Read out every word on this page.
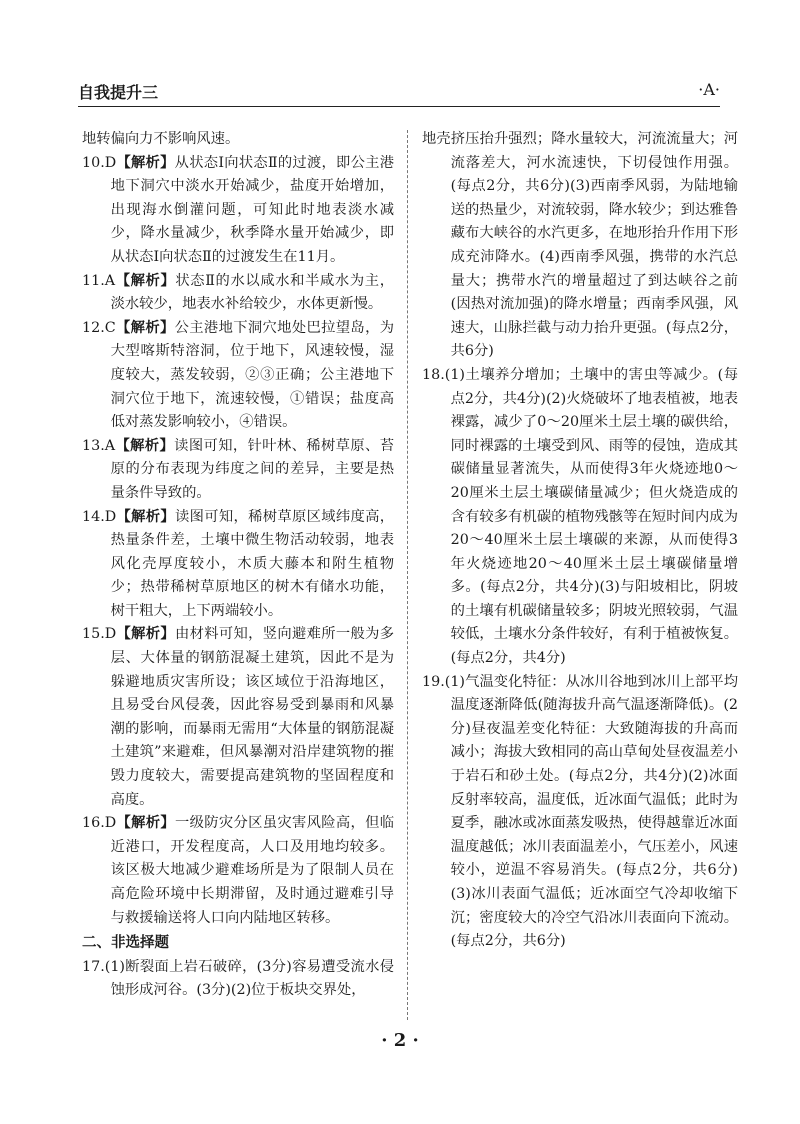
自我提升三	·A·

地转偏向力不影响风速。

10.D【解析】从状态Ⅰ向状态Ⅱ的过渡，即公主港地下洞穴中淡水开始减少，盐度开始增加，出现海水倒灌问题，可知此时地表淡水减少，降水量减少，秋季降水量开始减少，即从状态Ⅰ向状态Ⅱ的过渡发生在11月。

11.A【解析】状态Ⅱ的水以咸水和半咸水为主，淡水较少，地表水补给较少，水体更新慢。

12.C【解析】公主港地下洞穴地处巴拉望岛，为大型喀斯特溶洞，位于地下，风速较慢，湿度较大，蒸发较弱，②③正确；公主港地下洞穴位于地下，流速较慢，①错误；盐度高低对蒸发影响较小，④错误。

13.A【解析】读图可知，针叶林、稀树草原、苔原的分布表现为纬度之间的差异，主要是热量条件导致的。

14.D【解析】读图可知，稀树草原区域纬度高，热量条件差，土壤中微生物活动较弱，地表风化壳厚度较小，木质大藤本和附生植物少；热带稀树草原地区的树木有储水功能，树干粗大，上下两端较小。

15.D【解析】由材料可知，竖向避难所一般为多层、大体量的钢筋混凝土建筑，因此不是为躲避地质灾害所设；该区域位于沿海地区，且易受台风侵袭，因此容易受到暴雨和风暴潮的影响，而暴雨无需用“大体量的钢筋混凝土建筑”来避难，但风暴潮对沿岸建筑物的摧毁力度较大，需要提高建筑物的坚固程度和高度。

16.D【解析】一级防灾分区虽灾害风险高，但临近港口，开发程度高，人口及用地均较多。该区极大地减少避难场所是为了限制人员在高危险环境中长期滞留，及时通过避难引导与救援输送将人口向内陆地区转移。

二、非选择题

17.(1)断裂面上岩石破碎，(3分)容易遭受流水侵蚀形成河谷。(3分)(2)位于板块交界处，

地壳挤压抬升强烈；降水量较大，河流流量大；河流落差大，河水流速快，下切侵蚀作用强。(每点2分，共6分)(3)西南季风弱，为陆地输送的热量少，对流较弱，降水较少；到达雅鲁藏布大峡谷的水汽更多，在地形抬升作用下形成充沛降水。(4)西南季风强，携带的水汽总量大；携带水汽的增量超过了到达峡谷之前(因热对流加强)的降水增量；西南季风强，风速大，山脉拦截与动力抬升更强。(每点2分，共6分)

18.(1)土壤养分增加；土壤中的害虫等减少。(每点2分，共4分)(2)火烧破坏了地表植被，地表裸露，减少了0～20厘米土层土壤的碳供给，同时裸露的土壤受到风、雨等的侵蚀，造成其碳储量显著流失，从而使得3年火烧迹地0～20厘米土层土壤碳储量减少；但火烧造成的含有较多有机碳的植物残骸等在短时间内成为20～40厘米土层土壤碳的来源，从而使得3年火烧迹地20～40厘米土层土壤碳储量增多。(每点2分，共4分)(3)与阳坡相比，阴坡的土壤有机碳储量较多；阴坡光照较弱，气温较低，土壤水分条件较好，有利于植被恢复。(每点2分，共4分)

19.(1)气温变化特征：从冰川谷地到冰川上部平均温度逐渐降低(随海拔升高气温逐渐降低)。(2分)昼夜温差变化特征：大致随海拔的升高而减小；海拔大致相同的高山草甸处昼夜温差小于岩石和砂土处。(每点2分，共4分)(2)冰面反射率较高，温度低，近冰面气温低；此时为夏季，融冰或冰面蒸发吸热，使得越靠近冰面温度越低；冰川表面温差小，气压差小，风速较小，逆温不容易消失。(每点2分，共6分)(3)冰川表面气温低；近冰面空气冷却收缩下沉；密度较大的冷空气沿冰川表面向下流动。(每点2分，共6分)

· 2 ·
